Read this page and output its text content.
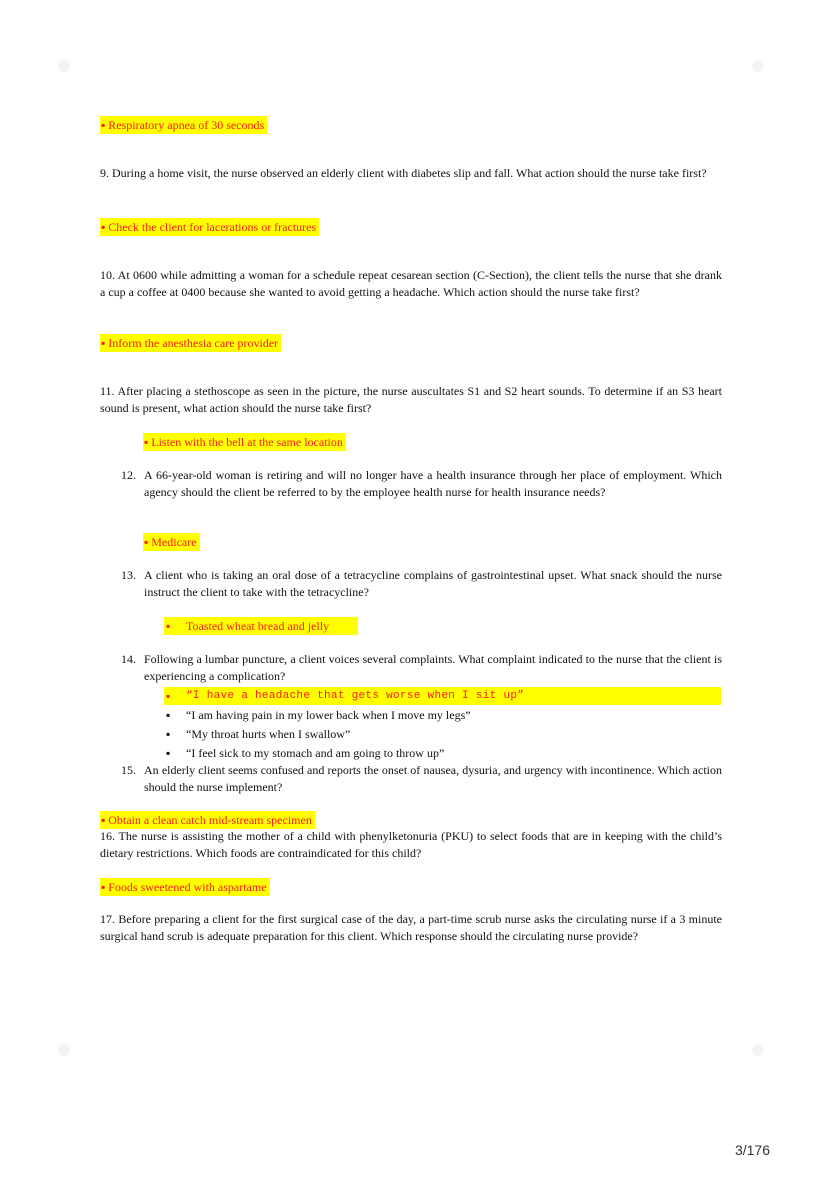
▪ Respiratory apnea of 30 seconds
9. During a home visit, the nurse observed an elderly client with diabetes slip and fall. What action should the nurse take first?
▪ Check the client for lacerations or fractures
10. At 0600 while admitting a woman for a schedule repeat cesarean section (C-Section), the client tells the nurse that she drank a cup a coffee at 0400 because she wanted to avoid getting a headache. Which action should the nurse take first?
▪ Inform the anesthesia care provider
11. After placing a stethoscope as seen in the picture, the nurse auscultates S1 and S2 heart sounds. To determine if an S3 heart sound is present, what action should the nurse take first?
▪ Listen with the bell at the same location
12. A 66-year-old woman is retiring and will no longer have a health insurance through her place of employment. Which agency should the client be referred to by the employee health nurse for health insurance needs?
▪ Medicare
13. A client who is taking an oral dose of a tetracycline complains of gastrointestinal upset. What snack should the nurse instruct the client to take with the tetracycline?
▪ Toasted wheat bread and jelly
14. Following a lumbar puncture, a client voices several complaints. What complaint indicated to the nurse that the client is experiencing a complication?
▪ “I have a headache that gets worse when I sit up”
▪ “I am having pain in my lower back when I move my legs”
▪ “My throat hurts when I swallow”
▪ “I feel sick to my stomach and am going to throw up”
15. An elderly client seems confused and reports the onset of nausea, dysuria, and urgency with incontinence. Which action should the nurse implement?
▪ Obtain a clean catch mid-stream specimen
16. The nurse is assisting the mother of a child with phenylketonuria (PKU) to select foods that are in keeping with the child’s dietary restrictions. Which foods are contraindicated for this child?
▪ Foods sweetened with aspartame
17. Before preparing a client for the first surgical case of the day, a part-time scrub nurse asks the circulating nurse if a 3 minute surgical hand scrub is adequate preparation for this client. Which response should the circulating nurse provide?
3/176
